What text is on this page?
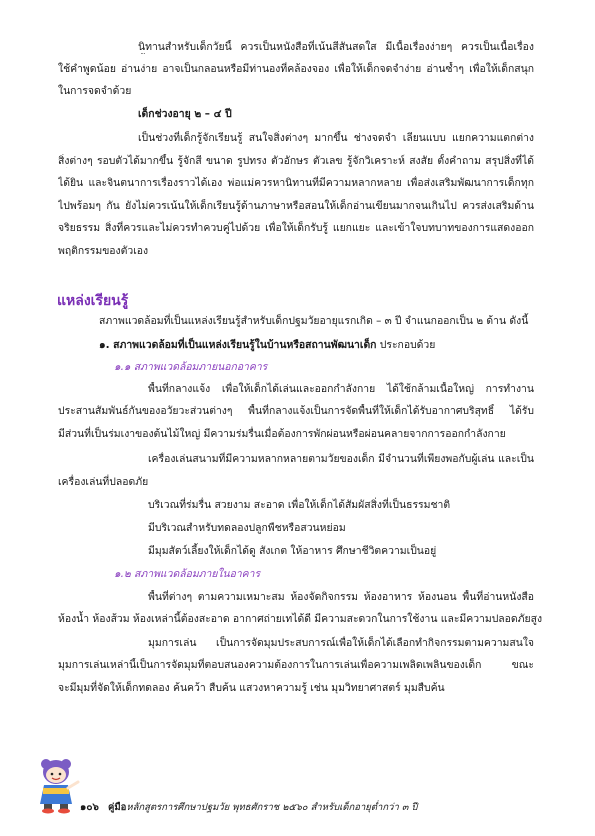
นิทานสำหรับเด็กวัยนี้ ควรเป็นหนังสือที่เน้นสีสันสดใส มีเนื้อเรื่องง่ายๆ ควรเป็นเนื้อเรื่อง
ใช้คำพูดน้อย อ่านง่าย อาจเป็นกลอนหรือมีท่านองที่คล้องจอง เพื่อให้เด็กจดจำง่าย อ่านซ้ำๆ เพื่อให้เด็กสนุก
ในการจดจำด้วย
เด็กช่วงอายุ ๒ – ๔ ปี
เป็นช่วงที่เด็กรู้จักเรียนรู้ สนใจสิ่งต่างๆ มากขึ้น ช่างจดจำ เลียนแบบ แยกความแตกต่าง
สิ่งต่างๆ รอบตัวได้มากขึ้น รู้จักสี ขนาด รูปทรง ตัวอักษร ตัวเลข รู้จักวิเคราะห์ สงสัย ตั้งคำถาม สรุปสิ่งที่ได้
ได้ยิน และจินตนาการเรื่องราวได้เอง พ่อแม่ควรหานิทานที่มีความหลากหลาย เพื่อส่งเสริมพัฒนาการเด็กทุก
ไปพร้อมๆ กัน ยังไม่ควรเน้นให้เด็กเรียนรู้ด้านภาษาหรือสอนให้เด็กอ่านเขียนมากจนเกินไป ควรส่งเสริมด้าน
จริยธรรม สิ่งที่ควรและไม่ควรทำควบคู่ไปด้วย เพื่อให้เด็กรับรู้ แยกแยะ และเข้าใจบทบาทของการแสดงออก
พฤติกรรมของตัวเอง
แหล่งเรียนรู้
สภาพแวดล้อมที่เป็นแหล่งเรียนรู้สำหรับเด็กปฐมวัยอายุแรกเกิด – ๓ ปี จำแนกออกเป็น ๒ ด้าน ดังนี้
๑. สภาพแวดล้อมที่เป็นแหล่งเรียนรู้ในบ้านหรือสถานพัฒนาเด็ก ประกอบด้วย
๑.๑ สภาพแวดล้อมภายนอกอาคาร
พื้นที่กลางแจ้ง เพื่อให้เด็กได้เล่นและออกกำลังกาย ได้ใช้กล้ามเนื้อใหญ่ การทำงาน
ประสานสัมพันธ์กันของอวัยวะส่วนต่างๆ พื้นที่กลางแจ้งเป็นการจัดพื้นที่ให้เด็กได้รับอากาศบริสุทธิ์ ได้รับ
มีส่วนที่เป็นร่มเงาของต้นไม้ใหญ่ มีความร่มรื่นเมื่อต้องการพักผ่อนหรือผ่อนคลายจากการออกกำลังกาย
เครื่องเล่นสนามที่มีความหลากหลายตามวัยของเด็ก มีจำนวนที่เพียงพอกับผู้เล่น และเป็น
เครื่องเล่นที่ปลอดภัย
บริเวณที่ร่มรื่น สวยงาม สะอาด เพื่อให้เด็กได้สัมผัสสิ่งที่เป็นธรรมชาติ
มีบริเวณสำหรับทดลองปลูกพืชหรือสวนหย่อม
มีมุมสัตว์เลี้ยงให้เด็กได้ดู สังเกต ให้อาหาร ศึกษาชีวิตความเป็นอยู่
๑.๒ สภาพแวดล้อมภายในอาคาร
พื้นที่ต่างๆ ตามความเหมาะสม ห้องจัดกิจกรรม ห้องอาหาร ห้องนอน พื้นที่อ่านหนังสือ
ห้องน้ำ ห้องส้วม ห้องเหล่านี้ต้องสะอาด อากาศถ่ายเทได้ดี มีความสะดวกในการใช้งาน และมีความปลอดภัยสูง
มุมการเล่น เป็นการจัดมุมประสบการณ์เพื่อให้เด็กได้เลือกทำกิจกรรมตามความสนใจ
มุมการเล่นเหล่านี้เป็นการจัดมุมที่ตอบสนองความต้องการในการเล่นเพื่อความเพลิดเพลินของเด็ก ขณะ
จะมีมุมที่จัดให้เด็กทดลอง ค้นคว้า สืบค้น แสวงหาความรู้ เช่น มุมวิทยาศาสตร์ มุมสืบค้น
๑๐๖ คู่มือหลักสูตรการศึกษาปฐมวัย พุทธศักราช ๒๕๖๐ สำหรับเด็กอายุต่ำกว่า ๓ ปี
